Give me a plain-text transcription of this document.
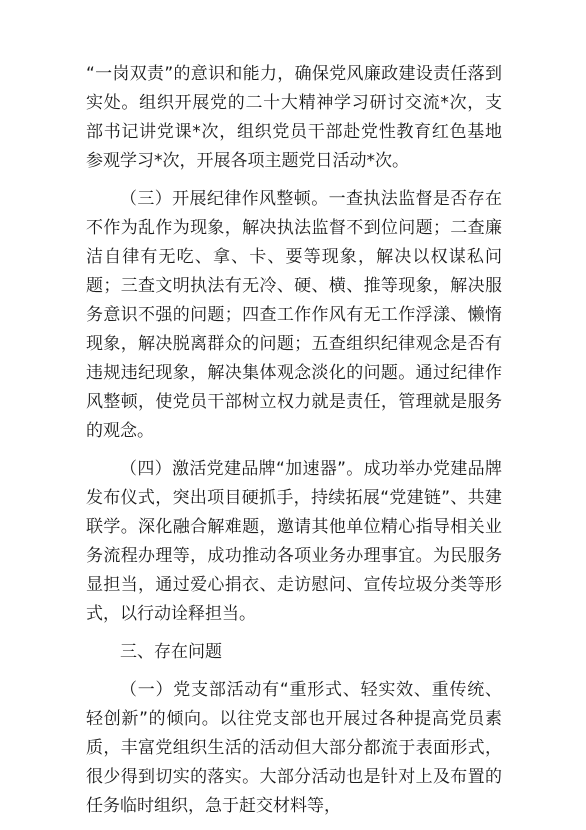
“一岗双责”的意识和能力，确保党风廉政建设责任落到实处。组织开展党的二十大精神学习研讨交流*次，支部书记讲党课*次，组织党员干部赴党性教育红色基地参观学习*次，开展各项主题党日活动*次。

（三）开展纪律作风整顿。一查执法监督是否存在不作为乱作为现象，解决执法监督不到位问题；二查廉洁自律有无吃、拿、卡、要等现象，解决以权谋私问题；三查文明执法有无冷、硬、横、推等现象，解决服务意识不强的问题；四查工作作风有无工作浮漾、懒惰现象，解决脱离群众的问题；五查组织纪律观念是否有违规违纪现象，解决集体观念淡化的问题。通过纪律作风整顿，使党员干部树立权力就是责任，管理就是服务的观念。

（四）激活党建品牌“加速器”。成功举办党建品牌发布仪式，突出项目硬抓手，持续拓展“党建链”、共建联学。深化融合解难题，邀请其他单位精心指导相关业务流程办理等，成功推动各项业务办理事宜。为民服务显担当，通过爱心捐衣、走访慰问、宣传垃圾分类等形式，以行动诠释担当。

三、存在问题

（一）党支部活动有“重形式、轻实效、重传统、轻创新”的倾向。以往党支部也开展过各种提高党员素质，丰富党组织生活的活动但大部分都流于表面形式，很少得到切实的落实。大部分活动也是针对上及布置的任务临时组织，急于赶交材料等，
